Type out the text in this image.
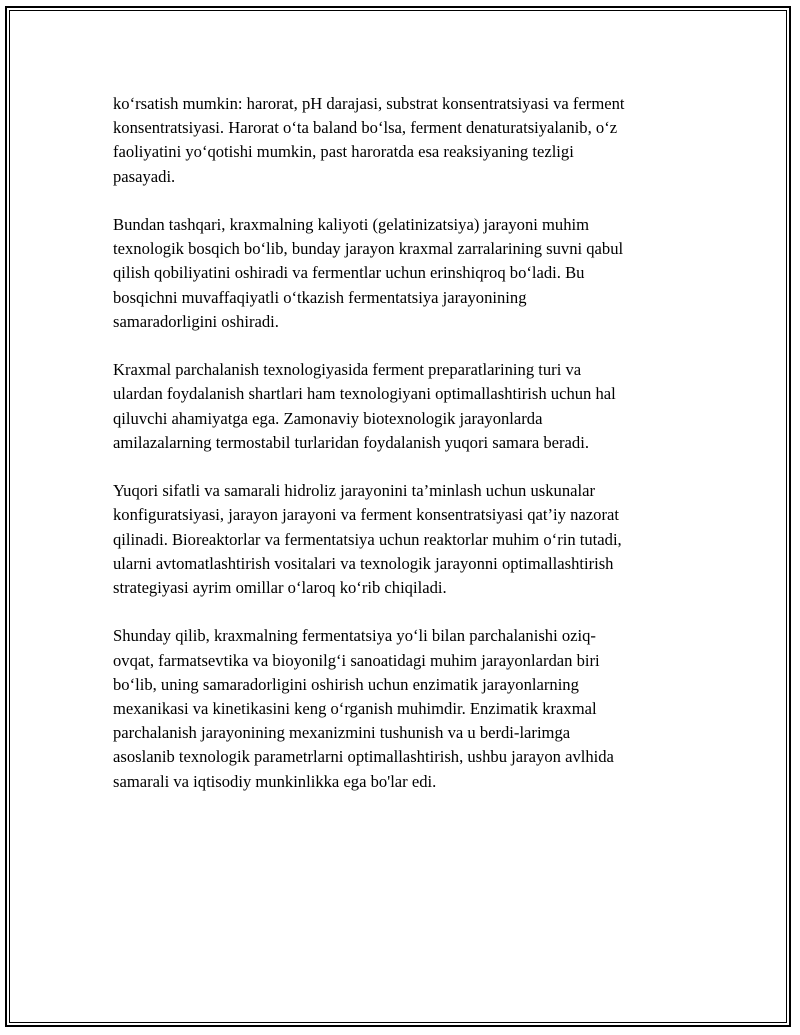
ko‘rsatish mumkin: harorat, pH darajasi, substrat konsentratsiyasi va ferment
konsentratsiyasi. Harorat o‘ta baland bo‘lsa, ferment denaturatsiyalanib, o‘z
faoliyatini yo‘qotishi mumkin, past haroratda esa reaksiyaning tezligi
pasayadi.

Bundan tashqari, kraxmalning kaliyoti (gelatinizatsiya) jarayoni muhim
texnologik bosqich bo‘lib, bunday jarayon kraxmal zarralarining suvni qabul
qilish qobiliyatini oshiradi va fermentlar uchun erinshiqroq bo‘ladi. Bu
bosqichni muvaffaqiyatli o‘tkazish fermentatsiya jarayonining
samaradorligini oshiradi.

Kraxmal parchalanish texnologiyasida ferment preparatlarining turi va
ulardan foydalanish shartlari ham texnologiyani optimallashtirish uchun hal
qiluvchi ahamiyatga ega. Zamonaviy biotexnologik jarayonlarda
amilazalarning termostabil turlaridan foydalanish yuqori samara beradi.

Yuqori sifatli va samarali hidroliz jarayonini ta’minlash uchun uskunalar
konfiguratsiyasi, jarayon jarayoni va ferment konsentratsiyasi qat’iy nazorat
qilinadi. Bioreaktorlar va fermentatsiya uchun reaktorlar muhim o‘rin tutadi,
ularni avtomatlashtirish vositalari va texnologik jarayonni optimallashtirish
strategiyasi ayrim omillar o‘laroq ko‘rib chiqiladi.

Shunday qilib, kraxmalning fermentatsiya yo‘li bilan parchalanishi oziq-
ovqat, farmatsevtika va bioyonilg‘i sanoatidagi muhim jarayonlardan biri
bo‘lib, uning samaradorligini oshirish uchun enzimatik jarayonlarning
mexanikasi va kinetikasini keng o‘rganish muhimdir. Enzimatik kraxmal
parchalanish jarayonining mexanizmini tushunish va u berdi-larimga
asoslanib texnologik parametrlarni optimallashtirish, ushbu jarayon avlhida
samarali va iqtisodiy munkinlikka ega bo'lar edi.
